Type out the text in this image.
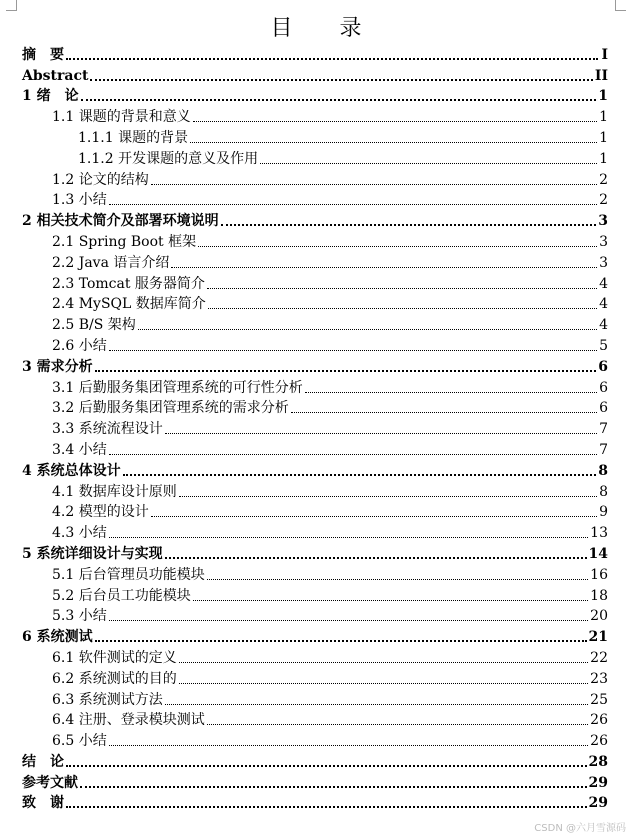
目 录
摘　要	I
Abstract	II
1 绪　论	1
1.1 课题的背景和意义	1
1.1.1 课题的背景	1
1.1.2 开发课题的意义及作用	1
1.2 论文的结构	2
1.3 小结	2
2 相关技术简介及部署环境说明	3
2.1 Spring Boot 框架	3
2.2 Java 语言介绍	3
2.3 Tomcat 服务器简介	4
2.4 MySQL 数据库简介	4
2.5 B/S 架构	4
2.6 小结	5
3 需求分析	6
3.1 后勤服务集团管理系统的可行性分析	6
3.2 后勤服务集团管理系统的需求分析	6
3.3 系统流程设计	7
3.4 小结	7
4 系统总体设计	8
4.1 数据库设计原则	8
4.2 模型的设计	9
4.3 小结	13
5 系统详细设计与实现	14
5.1 后台管理员功能模块	16
5.2 后台员工功能模块	18
5.3 小结	20
6 系统测试	21
6.1 软件测试的定义	22
6.2 系统测试的目的	23
6.3 系统测试方法	25
6.4 注册、登录模块测试	26
6.5 小结	26
结　论	28
参考文献	29
致　谢	29
CSDN @六月雪源码
